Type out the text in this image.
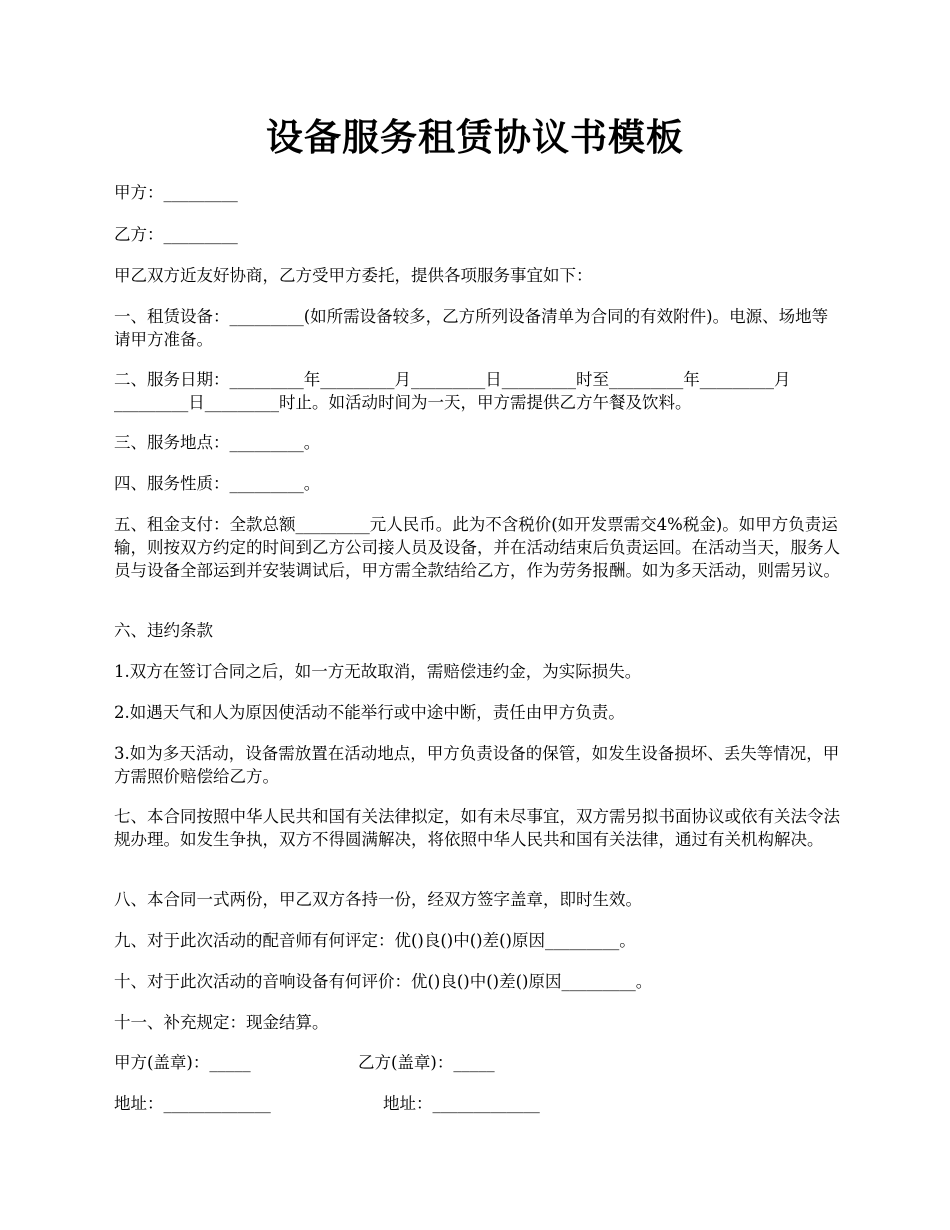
设备服务租赁协议书模板

甲方：_________

乙方：_________

甲乙双方近友好协商，乙方受甲方委托，提供各项服务事宜如下：

一、租赁设备：_________(如所需设备较多，乙方所列设备清单为合同的有效附件)。电源、场地等请甲方准备。

二、服务日期：_________年_________月_________日_________时至_________年_________月_________日_________时止。如活动时间为一天，甲方需提供乙方午餐及饮料。

三、服务地点：_________。

四、服务性质：_________。

五、租金支付：全款总额_________元人民币。此为不含税价(如开发票需交4%税金)。如甲方负责运输，则按双方约定的时间到乙方公司接人员及设备，并在活动结束后负责运回。在活动当天，服务人员与设备全部运到并安装调试后，甲方需全款结给乙方，作为劳务报酬。如为多天活动，则需另议。

六、违约条款

1.双方在签订合同之后，如一方无故取消，需赔偿违约金，为实际损失。

2.如遇天气和人为原因使活动不能举行或中途中断，责任由甲方负责。

3.如为多天活动，设备需放置在活动地点，甲方负责设备的保管，如发生设备损坏、丢失等情况，甲方需照价赔偿给乙方。

七、本合同按照中华人民共和国有关法律拟定，如有未尽事宜，双方需另拟书面协议或依有关法令法规办理。如发生争执，双方不得圆满解决，将依照中华人民共和国有关法律，通过有关机构解决。

八、本合同一式两份，甲乙双方各持一份，经双方签字盖章，即时生效。

九、对于此次活动的配音师有何评定：优()良()中()差()原因_________。

十、对于此次活动的音响设备有何评价：优()良()中()差()原因_________。

十一、补充规定：现金结算。

甲方(盖章)：_____	乙方(盖章)：_____
地址：_____________	地址：_____________
